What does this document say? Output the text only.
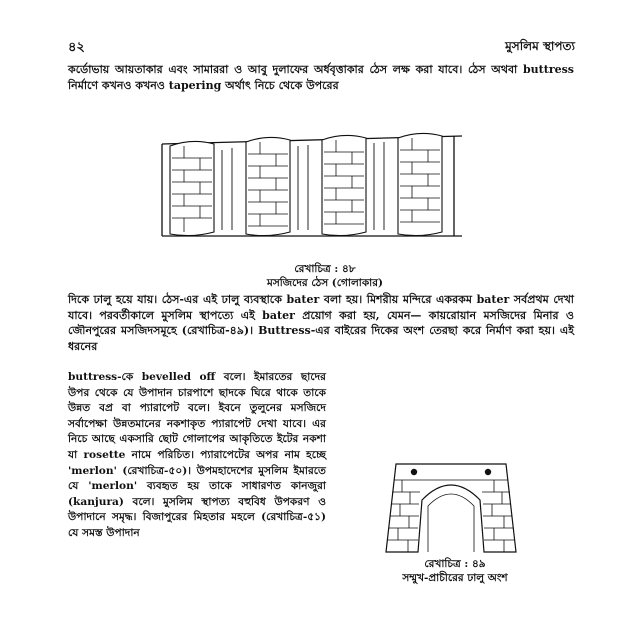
৪২	মুসলিম স্থাপত্য

কর্ডোভায় আয়তাকার এবং সামাররা ও আবু দুলাফের অর্ধবৃত্তাকার ঠেস লক্ষ করা যাবে। ঠেস অথবা buttress নির্মাণে কখনও কখনও tapering অর্থাৎ নিচে থেকে উপরের

রেখাচিত্র : ৪৮

মসজিদের ঠেস (গোলাকার)

দিকে ঢালু হয়ে যায়। ঠেস-এর এই ঢালু ব্যবস্থাকে bater বলা হয়। মিশরীয় মন্দিরে একরকম bater সর্বপ্রথম দেখা যাবে। পরবর্তীকালে মুসলিম স্থাপত্যে এই bater প্রয়োগ করা হয়, যেমন— কায়রোয়ান মসজিদের মিনার ও জৌনপুরের মসজিদসমূহে (রেখাচিত্র-৪৯)। Buttress-এর বাইরের দিকের অংশ তেরছা করে নির্মাণ করা হয়। এই ধরনের

buttress-কে bevelled off বলে। ইমারতের ছাদের উপর থেকে যে উপাদান চারপাশে ছাদকে ঘিরে থাকে তাকে উন্নত বপ্র বা প্যারাপেট বলে। ইবনে তুলুনের মসজিদে সর্বাপেক্ষা উন্নতমানের নকশাকৃত প্যারাপেট দেখা যাবে। এর নিচে আছে একসারি ছোট গোলাপের আকৃতিতে ইটের নকশা যা rosette নামে পরিচিত। প্যারাপেটের অপর নাম হচ্ছে 'merlon' (রেখাচিত্র-৫০)। উপমহাদেশের মুসলিম ইমারতে যে 'merlon' ব্যবহৃত হয় তাকে সাধারণত কানজুরা (kanjura) বলে। মুসলিম স্থাপত্য বহুবিধ উপকরণ ও উপাদানে সমৃদ্ধ। বিজাপুরের মিহতার মহলে (রেখাচিত্র-৫১) যে সমস্ত উপাদান

রেখাচিত্র : ৪৯

সম্মুখ-প্রাচীরের ঢালু অংশ
